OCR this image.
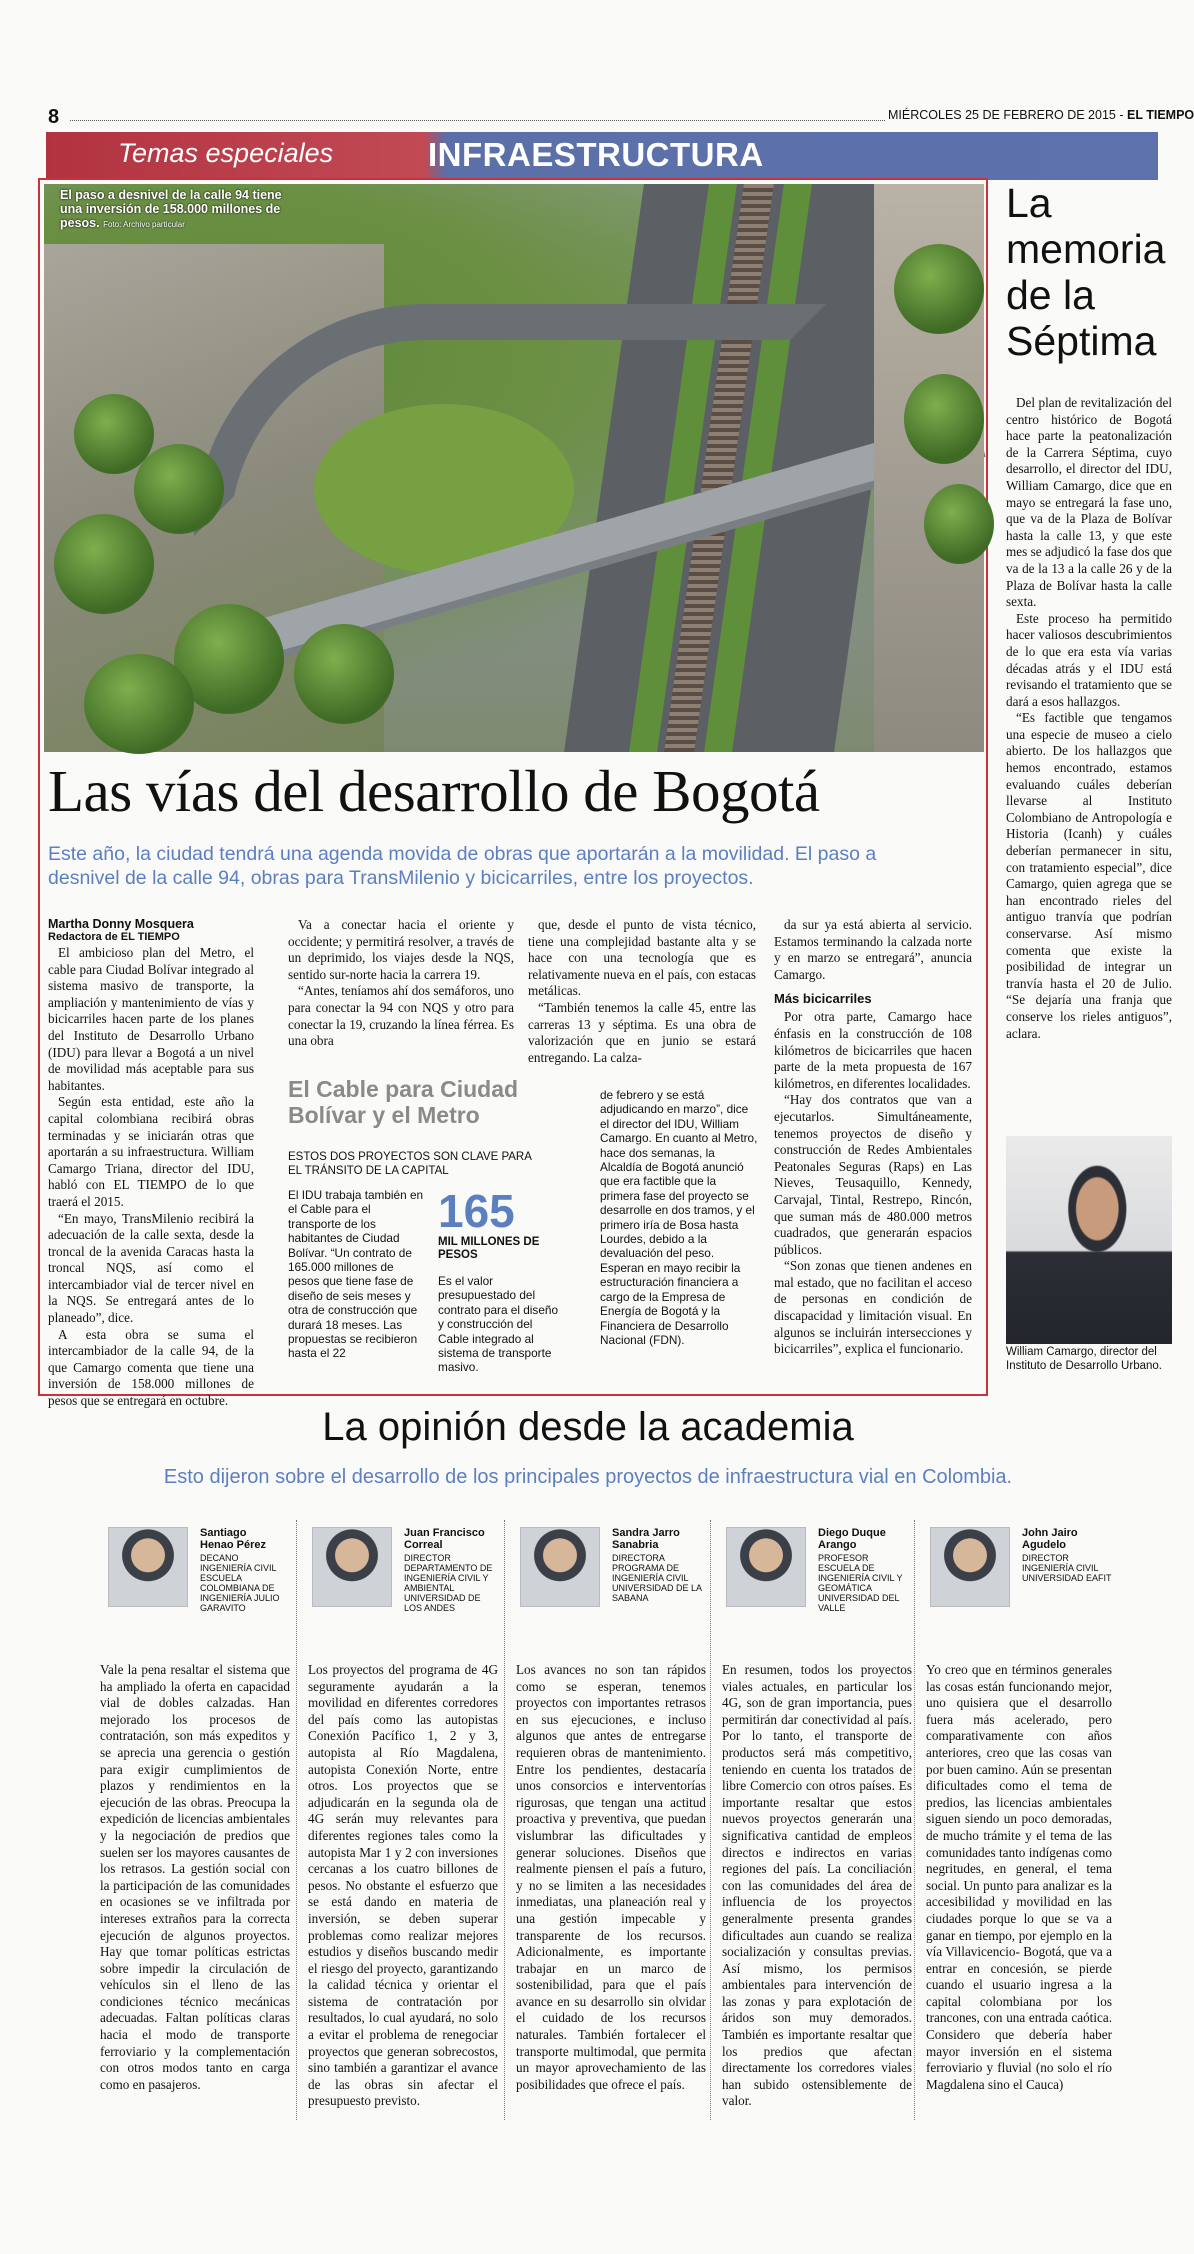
8	MIÉRCOLES 25 DE FEBRERO DE 2015 - EL TIEMPO
Temas especiales	INFRAESTRUCTURA
El paso a desnivel de la calle 94 tiene una inversión de 158.000 millones de pesos. Foto: Archivo particular
Las vías del desarrollo de Bogotá
Este año, la ciudad tendrá una agenda movida de obras que aportarán a la movilidad. El paso a desnivel de la calle 94, obras para TransMilenio y bicicarriles, entre los proyectos.
Martha Donny Mosquera
Redactora de EL TIEMPO

El ambicioso plan del Metro, el cable para Ciudad Bolívar integrado al sistema masivo de transporte, la ampliación y mantenimiento de vías y bicicarriles hacen parte de los planes del Instituto de Desarrollo Urbano (IDU) para llevar a Bogotá a un nivel de movilidad más aceptable para sus habitantes.

Según esta entidad, este año la capital colombiana recibirá obras terminadas y se iniciarán otras que aportarán a su infraestructura. William Camargo Triana, director del IDU, habló con EL TIEMPO de lo que traerá el 2015.

“En mayo, TransMilenio recibirá la adecuación de la calle sexta, desde la troncal de la avenida Caracas hasta la troncal NQS, así como el intercambiador vial de tercer nivel en la NQS. Se entregará antes de lo planeado”, dice.

A esta obra se suma el intercambiador de la calle 94, de la que Camargo comenta que tiene una inversión de 158.000 millones de pesos que se entregará en octubre.

Va a conectar hacia el oriente y occidente; y permitirá resolver, a través de un deprimido, los viajes desde la NQS, sentido sur-norte hacia la carrera 19.

“Antes, teníamos ahí dos semáforos, uno para conectar la 94 con NQS y otro para conectar la 19, cruzando la línea férrea. Es una obra

que, desde el punto de vista técnico, tiene una complejidad bastante alta y se hace con una tecnología que es relativamente nueva en el país, con estacas metálicas.

“También tenemos la calle 45, entre las carreras 13 y séptima. Es una obra de valorización que en junio se estará entregando. La calza-

El Cable para Ciudad Bolívar y el Metro
ESTOS DOS PROYECTOS SON CLAVE PARA EL TRÁNSITO DE LA CAPITAL
El IDU trabaja también en el Cable para el transporte de los habitantes de Ciudad Bolívar. “Un contrato de 165.000 millones de pesos que tiene fase de diseño de seis meses y otra de construcción que durará 18 meses. Las propuestas se recibieron hasta el 22
165
MIL MILLONES DE PESOS
Es el valor presupuestado del contrato para el diseño y construcción del Cable integrado al sistema de transporte masivo.
de febrero y se está adjudicando en marzo”, dice el director del IDU, William Camargo. En cuanto al Metro, hace dos semanas, la Alcaldía de Bogotá anunció que era factible que la primera fase del proyecto se desarrolle en dos tramos, y el primero iría de Bosa hasta Lourdes, debido a la devaluación del peso. Esperan en mayo recibir la estructuración financiera a cargo de la Empresa de Energía de Bogotá y la Financiera de Desarrollo Nacional (FDN).

da sur ya está abierta al servicio. Estamos terminando la calzada norte y en marzo se entregará”, anuncia Camargo.

Más bicicarriles

Por otra parte, Camargo hace énfasis en la construcción de 108 kilómetros de bicicarriles que hacen parte de la meta propuesta de 167 kilómetros, en diferentes localidades.

“Hay dos contratos que van a ejecutarlos. Simultáneamente, tenemos proyectos de diseño y construcción de Redes Ambientales Peatonales Seguras (Raps) en Las Nieves, Teusaquillo, Kennedy, Carvajal, Tintal, Restrepo, Rincón, que suman más de 480.000 metros cuadrados, que generarán espacios públicos.

“Son zonas que tienen andenes en mal estado, que no facilitan el acceso de personas en condición de discapacidad y limitación visual. En algunos se incluirán intersecciones y bicicarriles”, explica el funcionario.

La memoria de la Séptima

Del plan de revitalización del centro histórico de Bogotá hace parte la peatonalización de la Carrera Séptima, cuyo desarrollo, el director del IDU, William Camargo, dice que en mayo se entregará la fase uno, que va de la Plaza de Bolívar hasta la calle 13, y que este mes se adjudicó la fase dos que va de la 13 a la calle 26 y de la Plaza de Bolívar hasta la calle sexta.

Este proceso ha permitido hacer valiosos descubrimientos de lo que era esta vía varias décadas atrás y el IDU está revisando el tratamiento que se dará a esos hallazgos.

“Es factible que tengamos una especie de museo a cielo abierto. De los hallazgos que hemos encontrado, estamos evaluando cuáles deberían llevarse al Instituto Colombiano de Antropología e Historia (Icanh) y cuáles deberían permanecer in situ, con tratamiento especial”, dice Camargo, quien agrega que se han encontrado rieles del antiguo tranvía que podrían conservarse. Así mismo comenta que existe la posibilidad de integrar un tranvía hasta el 20 de Julio. “Se dejaría una franja que conserve los rieles antiguos”, aclara.

William Camargo, director del Instituto de Desarrollo Urbano.
La opinión desde la academia
Esto dijeron sobre el desarrollo de los principales proyectos de infraestructura vial en Colombia.
Santiago Henao Pérez
DECANO INGENIERÍA CIVIL ESCUELA COLOMBIANA DE INGENIERÍA JULIO GARAVITO

Vale la pena resaltar el sistema que ha ampliado la oferta en capacidad vial de dobles calzadas. Han mejorado los procesos de contratación, son más expeditos y se aprecia una gerencia o gestión para exigir cumplimientos de plazos y rendimientos en la ejecución de las obras. Preocupa la expedición de licencias ambientales y la negociación de predios que suelen ser los mayores causantes de los retrasos. La gestión social con la participación de las comunidades en ocasiones se ve infiltrada por intereses extraños para la correcta ejecución de algunos proyectos. Hay que tomar políticas estrictas sobre impedir la circulación de vehículos sin el lleno de las condiciones técnico mecánicas adecuadas. Faltan políticas claras hacia el modo de transporte ferroviario y la complementación con otros modos tanto en carga como en pasajeros.

Juan Francisco Correal
DIRECTOR DEPARTAMENTO DE INGENIERÍA CIVIL Y AMBIENTAL UNIVERSIDAD DE LOS ANDES

Los proyectos del programa de 4G seguramente ayudarán a la movilidad en diferentes corredores del país como las autopistas Conexión Pacífico 1, 2 y 3, autopista al Río Magdalena, autopista Conexión Norte, entre otros. Los proyectos que se adjudicarán en la segunda ola de 4G serán muy relevantes para diferentes regiones tales como la autopista Mar 1 y 2 con inversiones cercanas a los cuatro billones de pesos. No obstante el esfuerzo que se está dando en materia de inversión, se deben superar problemas como realizar mejores estudios y diseños buscando medir el riesgo del proyecto, garantizando la calidad técnica y orientar el sistema de contratación por resultados, lo cual ayudará, no solo a evitar el problema de renegociar proyectos que generan sobrecostos, sino también a garantizar el avance de las obras sin afectar el presupuesto previsto.

Sandra Jarro Sanabria
DIRECTORA PROGRAMA DE INGENIERÍA CIVIL UNIVERSIDAD DE LA SABANA

Los avances no son tan rápidos como se esperan, tenemos proyectos con importantes retrasos en sus ejecuciones, e incluso algunos que antes de entregarse requieren obras de mantenimiento. Entre los pendientes, destacaría unos consorcios e interventorías rigurosas, que tengan una actitud proactiva y preventiva, que puedan vislumbrar las dificultades y generar soluciones. Diseños que realmente piensen el país a futuro, y no se limiten a las necesidades inmediatas, una planeación real y una gestión impecable y transparente de los recursos. Adicionalmente, es importante trabajar en un marco de sostenibilidad, para que el país avance en su desarrollo sin olvidar el cuidado de los recursos naturales. También fortalecer el transporte multimodal, que permita un mayor aprovechamiento de las posibilidades que ofrece el país.

Diego Duque Arango
PROFESOR ESCUELA DE INGENIERÍA CIVIL Y GEOMÁTICA UNIVERSIDAD DEL VALLE

En resumen, todos los proyectos viales actuales, en particular los 4G, son de gran importancia, pues permitirán dar conectividad al país. Por lo tanto, el transporte de productos será más competitivo, teniendo en cuenta los tratados de libre Comercio con otros países. Es importante resaltar que estos nuevos proyectos generarán una significativa cantidad de empleos directos e indirectos en varias regiones del país. La conciliación con las comunidades del área de influencia de los proyectos generalmente presenta grandes dificultades aun cuando se realiza socialización y consultas previas. Así mismo, los permisos ambientales para intervención de las zonas y para explotación de áridos son muy demorados. También es importante resaltar que los predios que afectan directamente los corredores viales han subido ostensiblemente de valor.

John Jairo Agudelo
DIRECTOR INGENIERÍA CIVIL UNIVERSIDAD EAFIT

Yo creo que en términos generales las cosas están funcionando mejor, uno quisiera que el desarrollo fuera más acelerado, pero comparativamente con años anteriores, creo que las cosas van por buen camino. Aún se presentan dificultades como el tema de predios, las licencias ambientales siguen siendo un poco demoradas, de mucho trámite y el tema de las comunidades tanto indígenas como negritudes, en general, el tema social. Un punto para analizar es la accesibilidad y movilidad en las ciudades porque lo que se va a ganar en tiempo, por ejemplo en la vía Villavicencio- Bogotá, que va a entrar en concesión, se pierde cuando el usuario ingresa a la capital colombiana por los trancones, con una entrada caótica. Considero que debería haber mayor inversión en el sistema ferroviario y fluvial (no solo el río Magdalena sino el Cauca)
